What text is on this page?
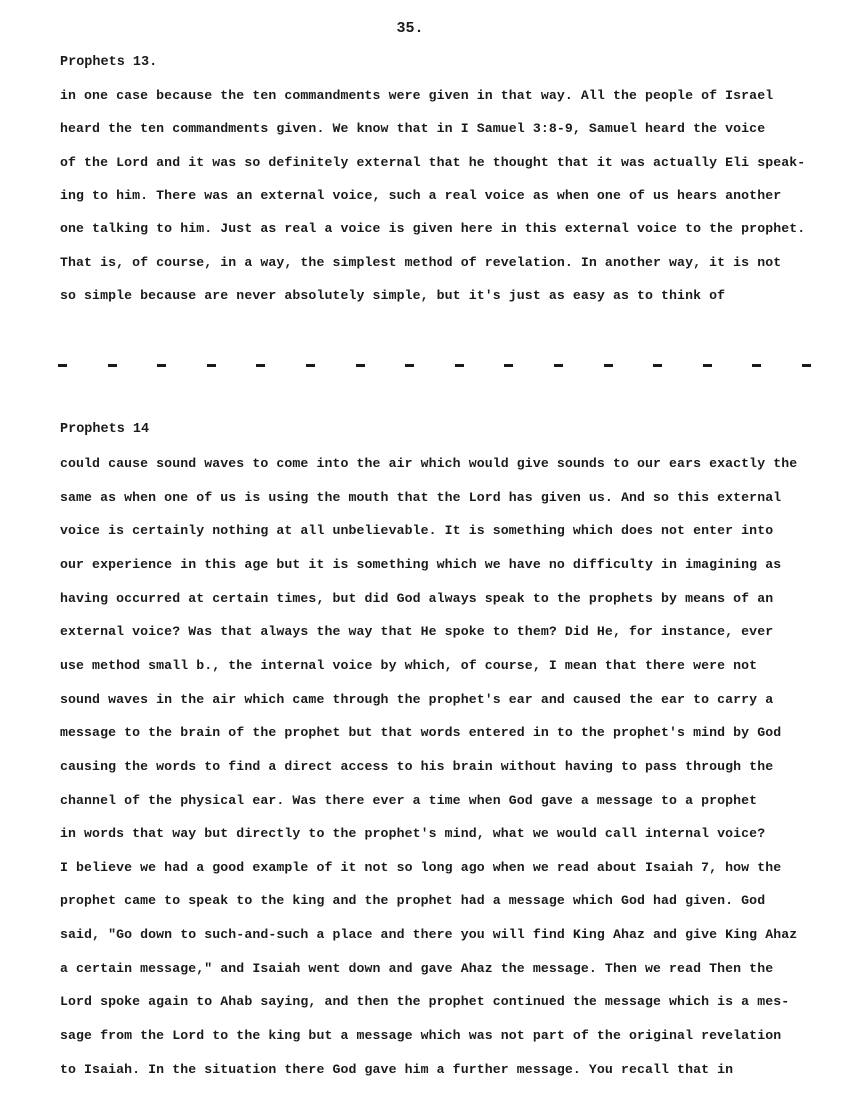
35.
Prophets 13.
in one case because the ten commandments were given in that way. All the people of Israel
heard the ten commandments given. We know that in I Samuel 3:8-9, Samuel heard the voice
of the Lord and it was so definitely external that he thought that it was actually Eli speak-
ing to him. There was an external voice, such a real voice as when one of us hears another
one talking to him. Just as real a voice is given here in this external voice to the prophet.
That is, of course, in a way, the simplest method of revelation. In another way, it is not
so simple because are never absolutely simple, but it's just as easy as to think of
Prophets 14
could cause sound waves to come into the air which would give sounds to our ears exactly the
same as when one of us is using the mouth that the Lord has given us. And so this external
voice is certainly nothing at all unbelievable. It is something which does not enter into
our experience in this age but it is something which we have no difficulty in imagining as
having occurred at certain times, but did God always speak to the prophets by means of an
external voice? Was that always the way that He spoke to them? Did He, for instance, ever
use method small b., the internal voice by which, of course, I mean that there were not
sound waves in the air which came through the prophet's ear and caused the ear to carry a
message to the brain of the prophet but that words entered in to the prophet's mind by God
causing the words to find a direct access to his brain without having to pass through the
channel of the physical ear. Was there ever a time when God gave a message to a prophet
in words that way but directly to the prophet's mind, what we would call internal voice?
I believe we had a good example of it not so long ago when we read about Isaiah 7, how the
prophet came to speak to the king and the prophet had a message which God had given. God
said, "Go down to such-and-such a place and there you will find King Ahaz and give King Ahaz
a certain message," and Isaiah went down and gave Ahaz the message. Then we read Then the
Lord spoke again to Ahab saying, and then the prophet continued the message which is a mes-
sage from the Lord to the king but a message which was not part of the original revelation
to Isaiah. In the situation there God gave him a further message. You recall that in
